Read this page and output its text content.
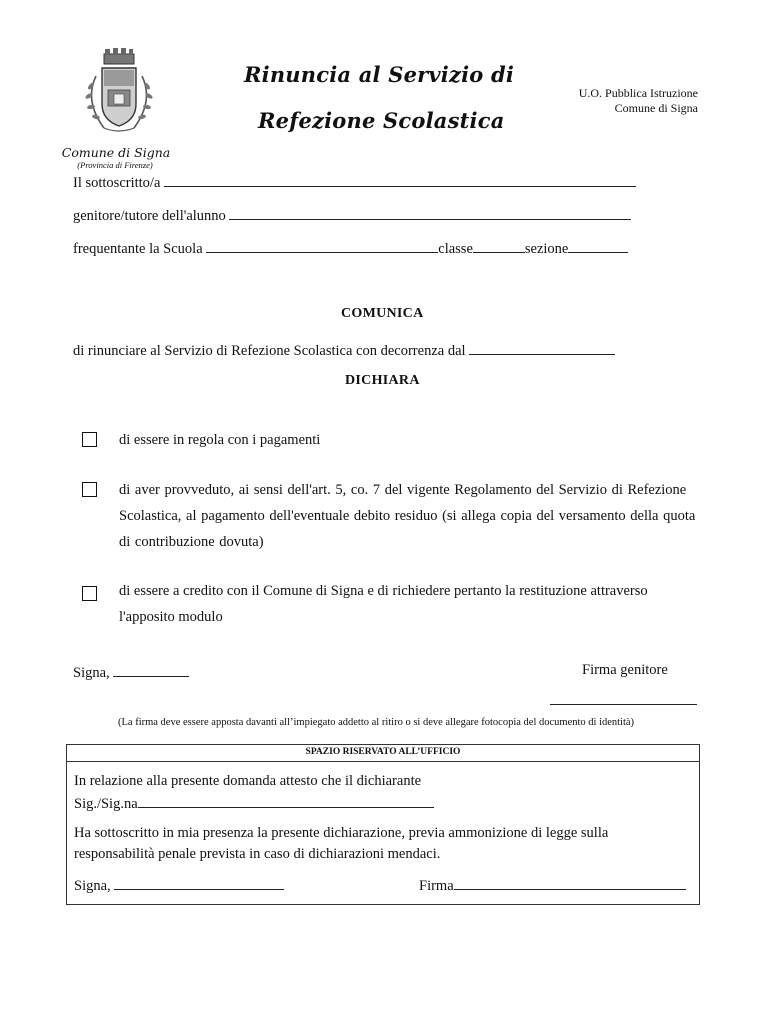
Comune di Signa
(Provincia di Firenze)
Rinuncia al Servizio di
Refezione Scolastica
U.O. Pubblica Istruzione
Comune di Signa
Il sottoscritto/a
genitore/tutore dell'alunno
frequentante la Scuola	classe	sezione
COMUNICA
di rinunciare al Servizio di Refezione Scolastica con decorrenza dal
DICHIARA
di essere in regola con i pagamenti
di aver provveduto, ai sensi dell'art. 5, co. 7 del vigente Regolamento del Servizio di Refezione Scolastica, al pagamento dell'eventuale debito residuo (si allega copia del versamento della quota di contribuzione dovuta)
di essere a credito con il Comune di Signa e di richiedere pertanto la restituzione attraverso l'apposito modulo
Signa,	Firma genitore
(La firma deve essere apposta davanti all’impiegato addetto al ritiro o si deve allegare fotocopia del documento di identità)
SPAZIO RISERVATO ALL’UFFICIO
In relazione alla presente domanda attesto che il dichiarante
Sig./Sig.na
Ha sottoscritto in mia presenza la presente dichiarazione, previa ammonizione di legge sulla responsabilità penale prevista in caso di dichiarazioni mendaci.
Signa,	Firma
